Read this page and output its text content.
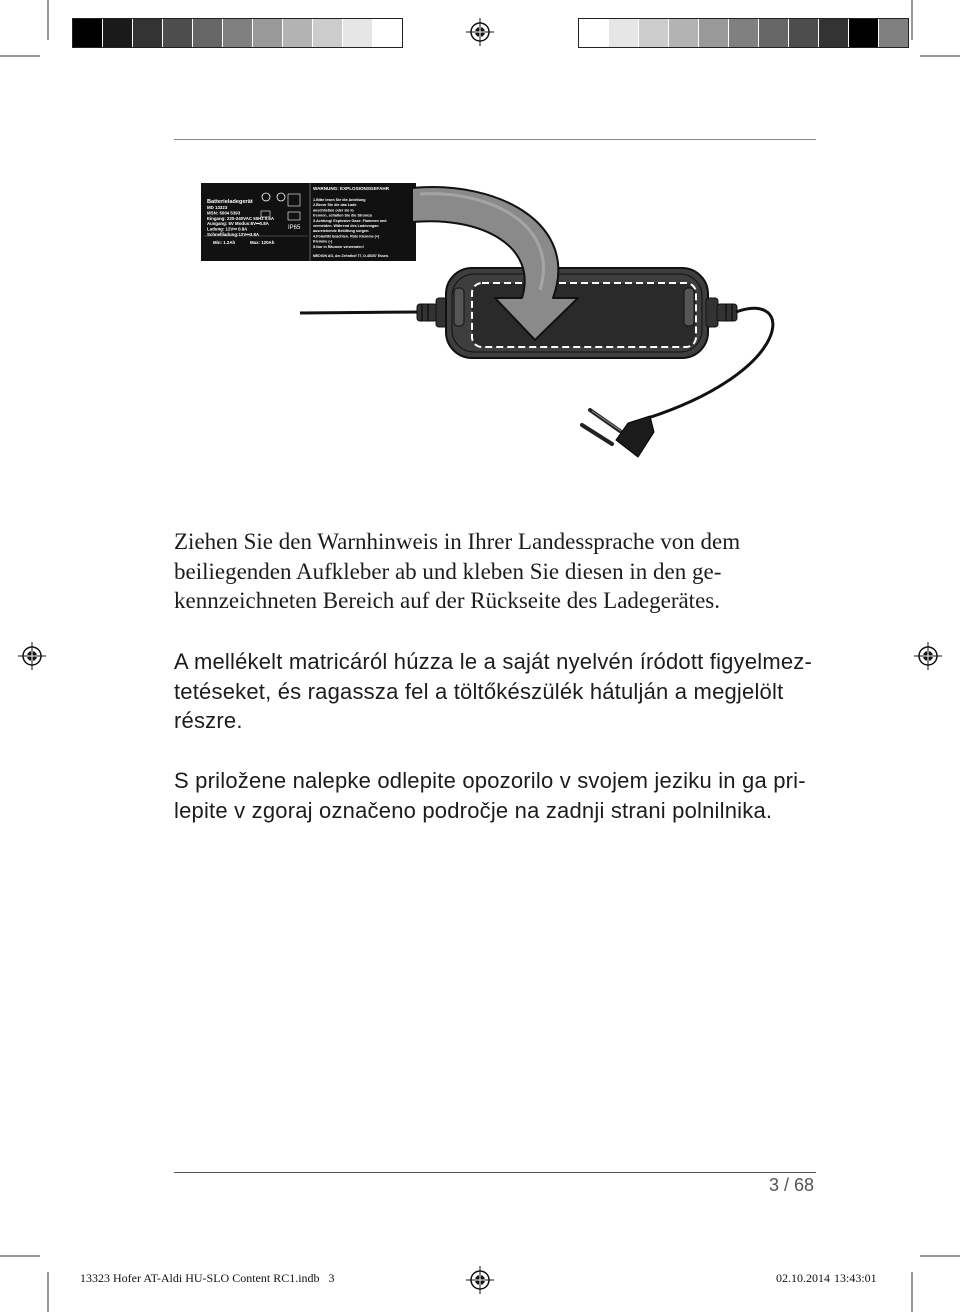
Batterieladegerät
MD 13323
MSN: 5004 5393
Eingang: 220-240VAC 50Hz 0.6A
Ausgang: 6V Modus:6V⎓0.8A
Ladung: 12V⎓ 0.8A
Schnellladung:12V⎓3.8A
Min: 1.2Ah	Max: 120Ah
IP65
WARNUNG: EXPLOSIONSGEFAHR
1.Bitte lesen Sie die Anleitung
2.Bevor Sie die das Lade
anschließen oder sie lo
trennen, schalten Sie die Stromzu
3.Achtung! Explosive Gase. Flammen und
vermeiden. Während des Ladevorgan
ausreichende Belüftung sorgen.
4.Polarität beachten. Rote Klemme (+)
Klemme (-)
5.Nur in Räumen verwenden!
MEDION AG, Am Zehnthof 77, D-45307 Essen.
Ziehen Sie den Warnhinweis in Ihrer Landessprache von dem beiliegenden Aufkleber ab und kleben Sie diesen in den ge-kennzeichneten Bereich auf der Rückseite des Ladegerätes.
A mellékelt matricáról húzza le a saját nyelvén íródott figyelmez-tetéseket, és ragassza fel a töltőkészülék hátulján a megjelölt részre.
S priložene nalepke odlepite opozorilo v svojem jeziku in ga pri-lepite v zgoraj označeno področje na zadnji strani polnilnika.
3 / 68
13323 Hofer AT-Aldi HU-SLO Content RC1.indb   3	02.10.2014 13:43:01
